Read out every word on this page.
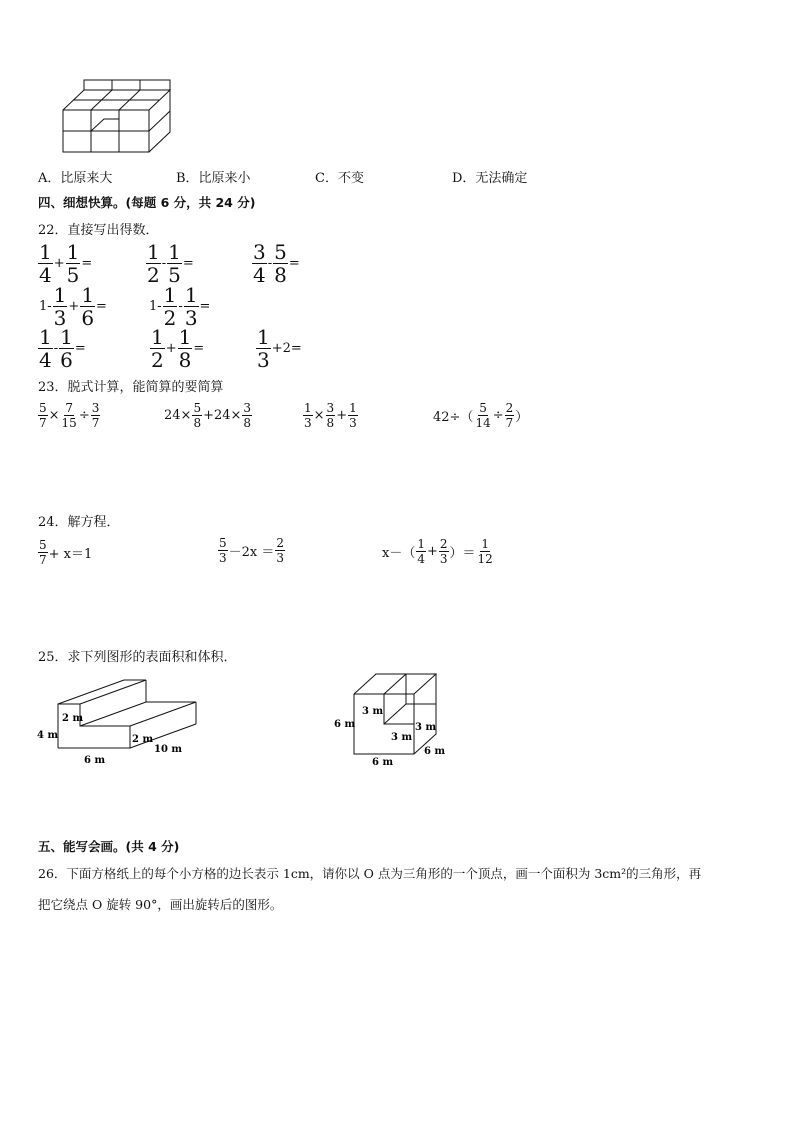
A．比原来大	B．比原来小	C．不变	D．无法确定
四、细想快算。(每题 6 分，共 24 分)
22．直接写出得数．
$\frac{1}{4} + \frac{1}{5}$ =	$\frac{1}{2} - \frac{1}{5}$ =	$\frac{3}{4} - \frac{5}{8}$ =
$1- \frac{1}{3} + \frac{1}{6}$ =	$1- \frac{1}{2} - \frac{1}{3}$ =
$\frac{1}{4} - \frac{1}{6}$ =	$\frac{1}{2} + \frac{1}{8}$ =	$\frac{1}{3} +2=$
23．脱式计算，能简算的要简算
$\frac{5}{7} \times \frac{7}{15} \div \frac{3}{7}$	$24\times \frac{5}{8} +24\times \frac{3}{8}$	$\frac{1}{3} \times \frac{3}{8} + \frac{1}{3}$	$42\div( \frac{5}{14} \div \frac{2}{7}$ ）
24．解方程．
$\frac{5}{7} + x=1$	$\frac{5}{3} -2x = \frac{2}{3}$	$x-( \frac{1}{4} + \frac{2}{3}$ ）＝ $\frac{1}{12}$
25．求下列图形的表面积和体积．
2 m
4 m	2 m
10 m
6 m
3 m
6 m	3 m
3 m
6 m
6 m
五、能写会画。(共 4 分)
26．下面方格纸上的每个小方格的边长表示 1cm，请你以 O 点为三角形的一个顶点，画一个面积为 3cm²的三角形，再
把它绕点 O 旋转 90°，画出旋转后的图形。
